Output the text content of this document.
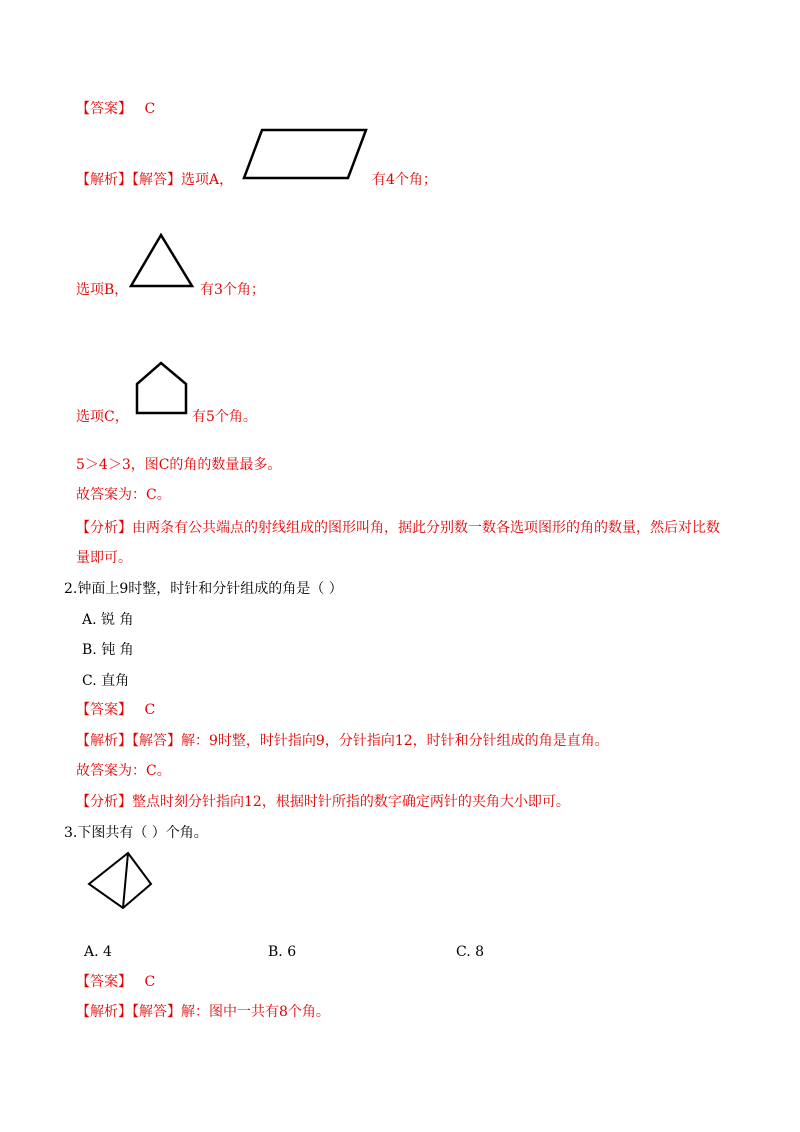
【答案】 C
【解析】【解答】选项A，	有4个角；
选项B，	有3个角；
选项C，	有5个角。
5＞4＞3，图C的角的数量最多。
故答案为：C。
【分析】由两条有公共端点的射线组成的图形叫角，据此分别数一数各选项图形的角的数量，然后对比数
量即可。
2.钟面上9时整，时针和分针组成的角是（ ）
A. 锐 角
B. 钝 角
C. 直角
【答案】 C
【解析】【解答】解：9时整，时针指向9，分针指向12，时针和分针组成的角是直角。
故答案为：C。
【分析】整点时刻分针指向12，根据时针所指的数字确定两针的夹角大小即可。
3.下图共有（ ）个角。
A. 4	B. 6	C. 8
【答案】 C
【解析】【解答】解：图中一共有8个角。
